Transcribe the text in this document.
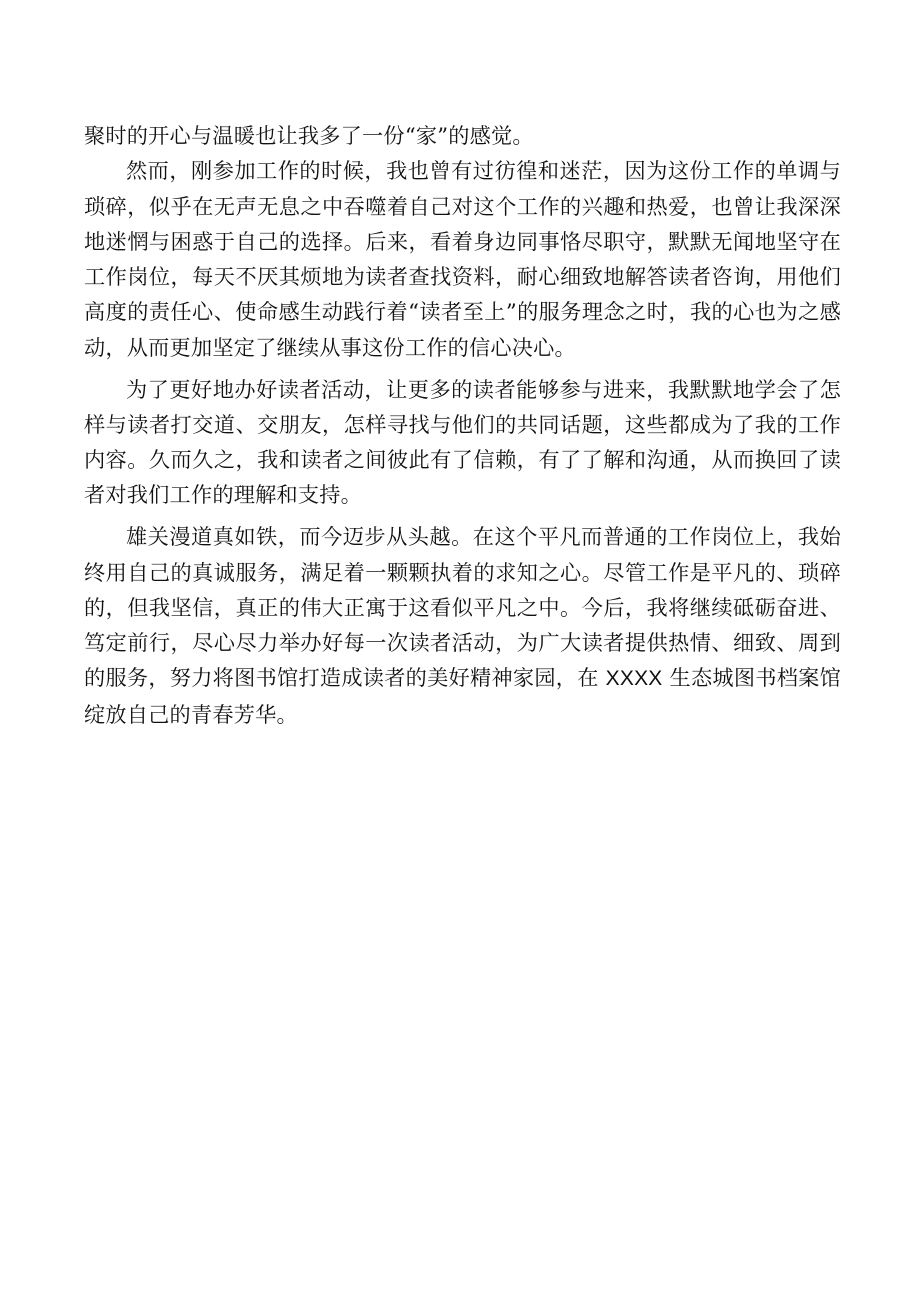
聚时的开心与温暖也让我多了一份“家”的感觉。

然而，刚参加工作的时候，我也曾有过彷徨和迷茫，因为这份工作的单调与琐碎，似乎在无声无息之中吞噬着自己对这个工作的兴趣和热爱，也曾让我深深地迷惘与困惑于自己的选择。后来，看着身边同事恪尽职守，默默无闻地坚守在工作岗位，每天不厌其烦地为读者查找资料，耐心细致地解答读者咨询，用他们高度的责任心、使命感生动践行着“读者至上”的服务理念之时，我的心也为之感动，从而更加坚定了继续从事这份工作的信心决心。

为了更好地办好读者活动，让更多的读者能够参与进来，我默默地学会了怎样与读者打交道、交朋友，怎样寻找与他们的共同话题，这些都成为了我的工作内容。久而久之，我和读者之间彼此有了信赖，有了了解和沟通，从而换回了读者对我们工作的理解和支持。

雄关漫道真如铁，而今迈步从头越。在这个平凡而普通的工作岗位上，我始终用自己的真诚服务，满足着一颗颗执着的求知之心。尽管工作是平凡的、琐碎的，但我坚信，真正的伟大正寓于这看似平凡之中。今后，我将继续砥砺奋进、笃定前行，尽心尽力举办好每一次读者活动，为广大读者提供热情、细致、周到的服务，努力将图书馆打造成读者的美好精神家园，在 XXXX 生态城图书档案馆绽放自己的青春芳华。
